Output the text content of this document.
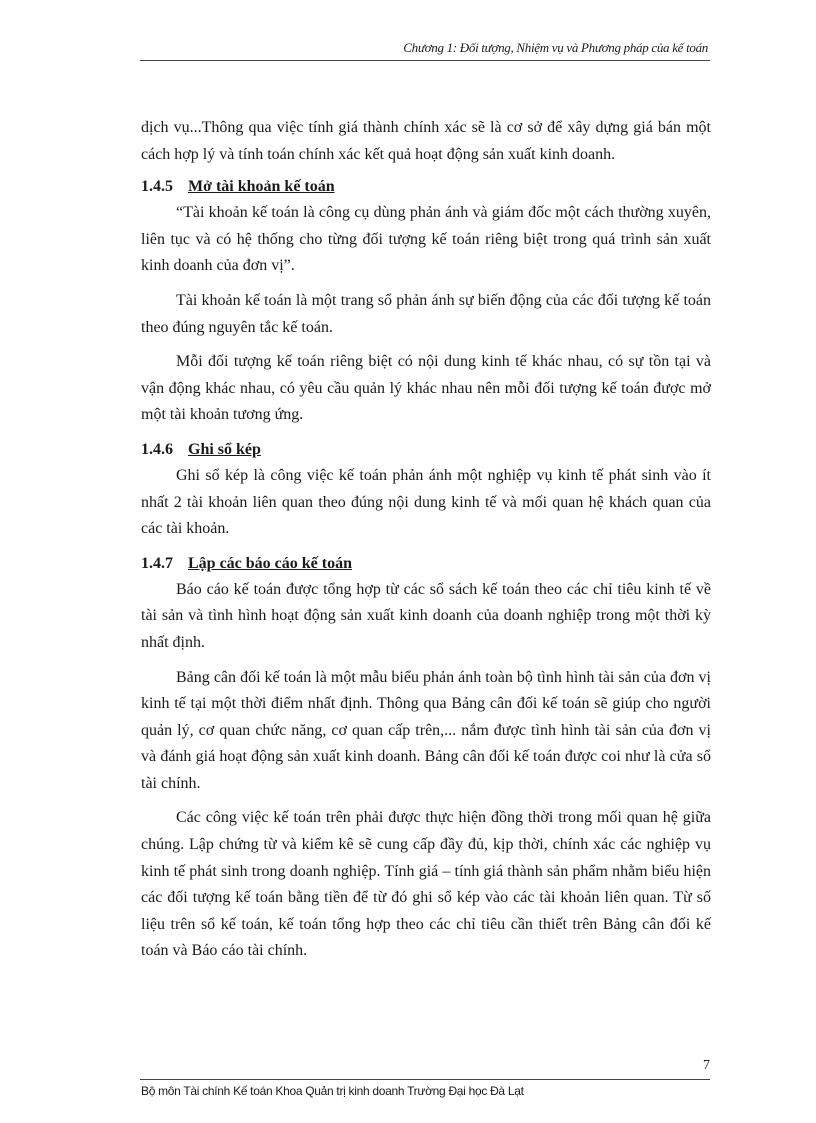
Chương 1: Đối tượng, Nhiệm vụ và Phương pháp của kế toán

dịch vụ...Thông qua việc tính giá thành chính xác sẽ là cơ sở để xây dựng giá bán một cách hợp lý và tính toán chính xác kết quả hoạt động sản xuất kinh doanh.

1.4.5 Mở tài khoản kế toán

“Tài khoản kế toán là công cụ dùng phản ánh và giám đốc một cách thường xuyên, liên tục và có hệ thống cho từng đối tượng kế toán riêng biệt trong quá trình sản xuất kinh doanh của đơn vị”.

Tài khoản kế toán là một trang sổ phản ánh sự biến động của các đối tượng kế toán theo đúng nguyên tắc kế toán.

Mỗi đối tượng kế toán riêng biệt có nội dung kinh tế khác nhau, có sự tồn tại và vận động khác nhau, có yêu cầu quản lý khác nhau nên mỗi đối tượng kế toán được mở một tài khoản tương ứng.

1.4.6 Ghi sổ kép

Ghi sổ kép là công việc kế toán phản ánh một nghiệp vụ kinh tế phát sinh vào ít nhất 2 tài khoản liên quan theo đúng nội dung kinh tế và mối quan hệ khách quan của các tài khoản.

1.4.7 Lập các báo cáo kế toán

Báo cáo kế toán được tổng hợp từ các sổ sách kế toán theo các chỉ tiêu kinh tế về tài sản và tình hình hoạt động sản xuất kinh doanh của doanh nghiệp trong một thời kỳ nhất định.

Bảng cân đối kế toán là một mẫu biểu phản ánh toàn bộ tình hình tài sản của đơn vị kinh tế tại một thời điểm nhất định. Thông qua Bảng cân đối kế toán sẽ giúp cho người quản lý, cơ quan chức năng, cơ quan cấp trên,... nắm được tình hình tài sản của đơn vị và đánh giá hoạt động sản xuất kinh doanh. Bảng cân đối kế toán được coi như là cửa sổ tài chính.

Các công việc kế toán trên phải được thực hiện đồng thời trong mối quan hệ giữa chúng. Lập chứng từ và kiểm kê sẽ cung cấp đầy đủ, kịp thời, chính xác các nghiệp vụ kinh tế phát sinh trong doanh nghiệp. Tính giá – tính giá thành sản phẩm nhằm biểu hiện các đối tượng kế toán bằng tiền để từ đó ghi sổ kép vào các tài khoản liên quan. Từ số liệu trên sổ kế toán, kế toán tổng hợp theo các chỉ tiêu cần thiết trên Bảng cân đối kế toán và Báo cáo tài chính.

7
Bộ môn Tài chính Kế toán Khoa Quản trị kinh doanh Trường Đại học Đà Lạt
